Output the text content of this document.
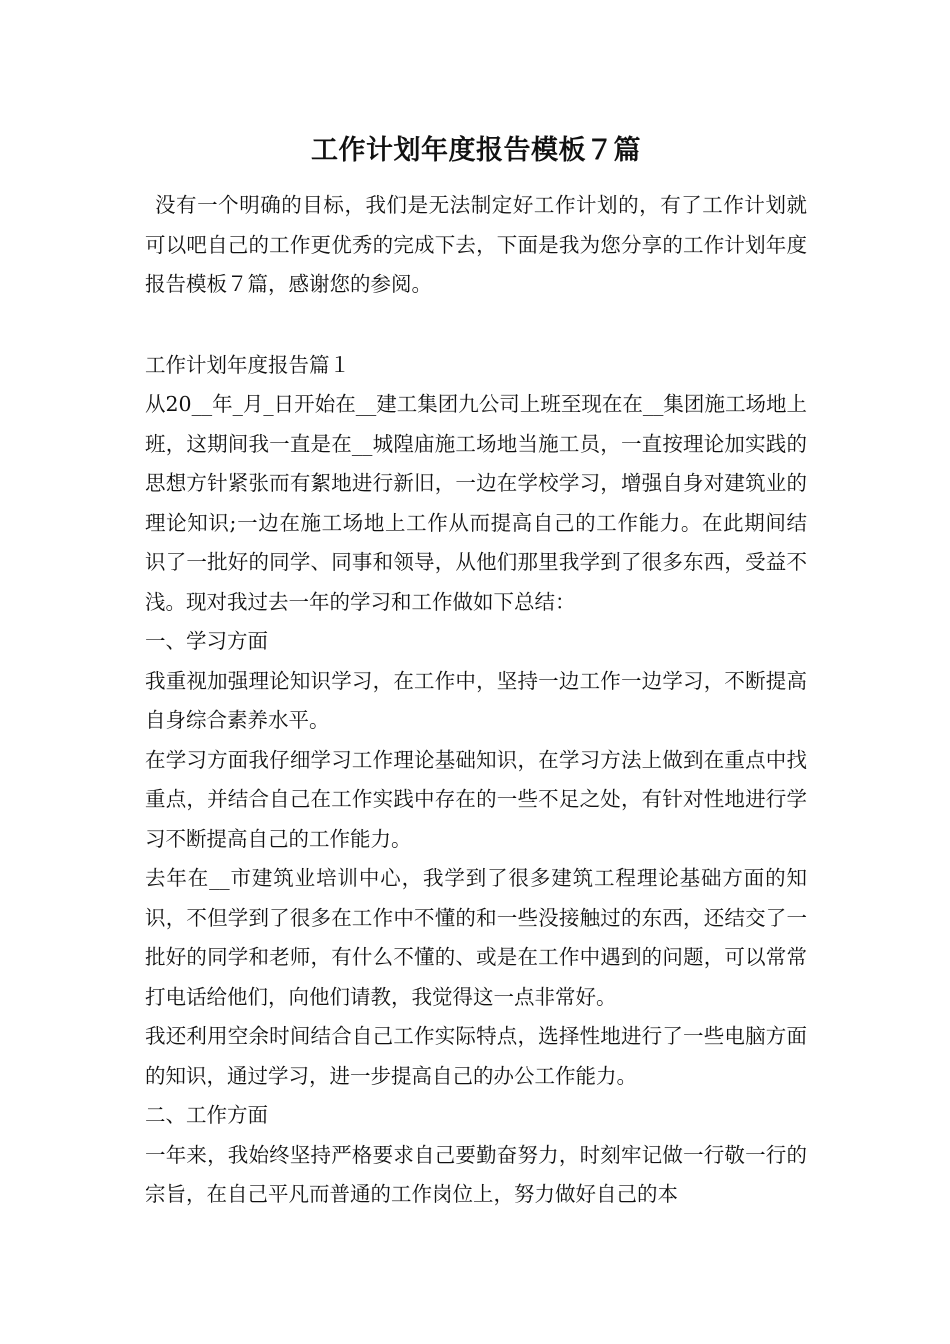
工作计划年度报告模板７篇

没有一个明确的目标，我们是无法制定好工作计划的，有了工作计划就可以吧自己的工作更优秀的完成下去，下面是我为您分享的工作计划年度报告模板７篇，感谢您的参阅。

工作计划年度报告篇１

从20__年_月_日开始在__建工集团九公司上班至现在在__集团施工场地上班，这期间我一直是在__城隍庙施工场地当施工员，一直按理论加实践的思想方针紧张而有絮地进行新旧，一边在学校学习，增强自身对建筑业的理论知识;一边在施工场地上工作从而提高自己的工作能力。在此期间结识了一批好的同学、同事和领导，从他们那里我学到了很多东西，受益不浅。现对我过去一年的学习和工作做如下总结：

一、学习方面

我重视加强理论知识学习，在工作中，坚持一边工作一边学习，不断提高自身综合素养水平。

在学习方面我仔细学习工作理论基础知识，在学习方法上做到在重点中找重点，并结合自己在工作实践中存在的一些不足之处，有针对性地进行学习不断提高自己的工作能力。

去年在__市建筑业培训中心，我学到了很多建筑工程理论基础方面的知识，不但学到了很多在工作中不懂的和一些没接触过的东西，还结交了一批好的同学和老师，有什么不懂的、或是在工作中遇到的问题，可以常常打电话给他们，向他们请教，我觉得这一点非常好。

我还利用空余时间结合自己工作实际特点，选择性地进行了一些电脑方面的知识，通过学习，进一步提高自己的办公工作能力。

二、工作方面

一年来，我始终坚持严格要求自己要勤奋努力，时刻牢记做一行敬一行的宗旨，在自己平凡而普通的工作岗位上，努力做好自己的本
